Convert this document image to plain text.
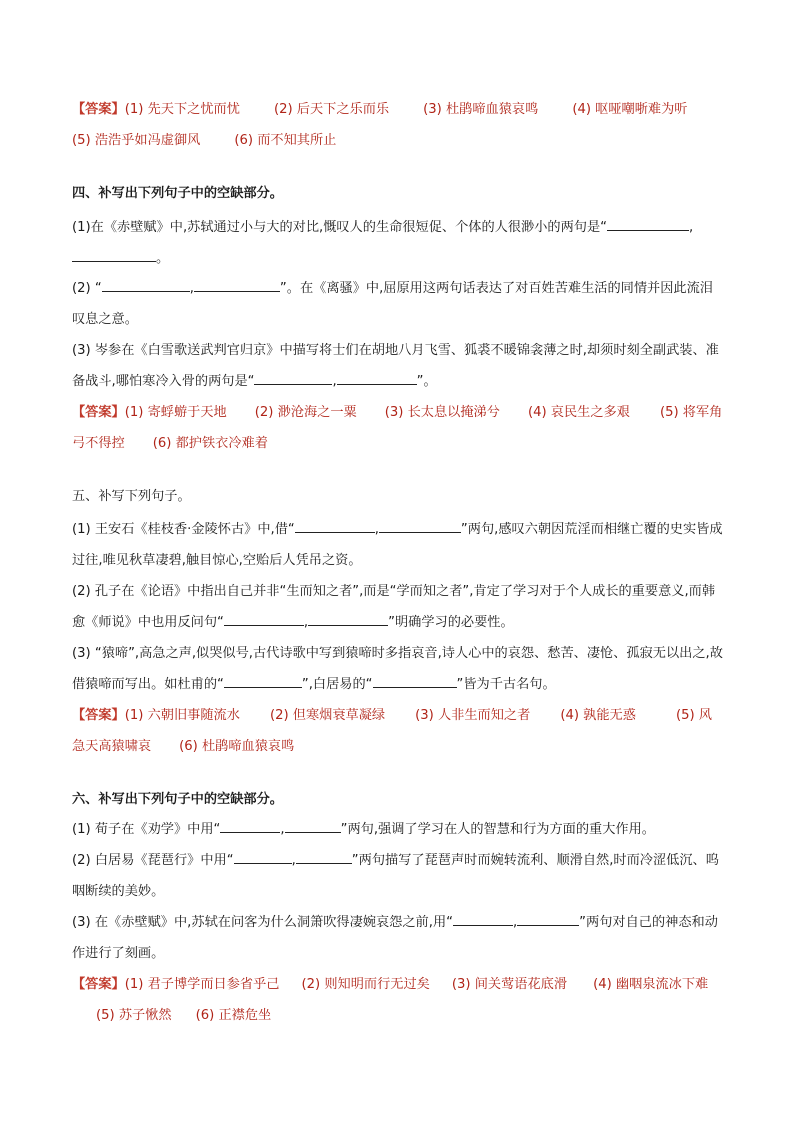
【答案】(1) 先天下之忧而忧	(2) 后天下之乐而乐	(3) 杜鹃啼血猿哀鸣	(4) 呕哑嘲哳难为听(5) 浩浩乎如冯虚御风	(6) 而不知其所止

四、补写出下列句子中的空缺部分。

(1)在《赤壁赋》中,苏轼通过小与大的对比,慨叹人的生命很短促、个体的人很渺小的两句是“	,。

(2) “	,	”。在《离骚》中,屈原用这两句话表达了对百姓苦难生活的同情并因此流泪叹息之意。

(3) 岑参在《白雪歌送武判官归京》中描写将士们在胡地八月飞雪、狐裘不暖锦衾薄之时,却须时刻全副武装、准备战斗,哪怕寒冷入骨的两句是“	,	”。

【答案】(1) 寄蜉蝣于天地 (2) 渺沧海之一粟 (3) 长太息以掩涕兮 (4) 哀民生之多艰 (5) 将军角弓不得控 (6) 都护铁衣冷难着

五、补写下列句子。

(1) 王安石《桂枝香·金陵怀古》中,借“	,	”两句,感叹六朝因荒淫而相继亡覆的史实皆成过往,唯见秋草凄碧,触目惊心,空贻后人凭吊之资。

(2) 孔子在《论语》中指出自己并非“生而知之者”,而是“学而知之者”,肯定了学习对于个人成长的重要意义,而韩愈《师说》中也用反问句“	,	”明确学习的必要性。

(3) “猿啼”,高急之声,似哭似号,古代诗歌中写到猿啼时多指哀音,诗人心中的哀怨、愁苦、凄怆、孤寂无以出之,故借猿啼而写出。如杜甫的“	”,白居易的“	”皆为千古名句。

【答案】(1) 六朝旧事随流水 (2) 但寒烟衰草凝绿 (3) 人非生而知之者 (4) 孰能无惑	(5) 风急天高猿啸哀 (6) 杜鹃啼血猿哀鸣

六、补写出下列句子中的空缺部分。

(1) 荀子在《劝学》中用“	,	”两句,强调了学习在人的智慧和行为方面的重大作用。

(2) 白居易《琵琶行》中用“	,	”两句描写了琵琶声时而婉转流利、顺滑自然,时而冷涩低沉、呜咽断续的美妙。

(3) 在《赤壁赋》中,苏轼在问客为什么洞箫吹得凄婉哀怨之前,用“	,	”两句对自己的神态和动作进行了刻画。

【答案】(1) 君子博学而日参省乎己 (2) 则知明而行无过矣 (3) 间关莺语花底滑 (4) 幽咽泉流冰下难(5) 苏子愀然 (6) 正襟危坐
